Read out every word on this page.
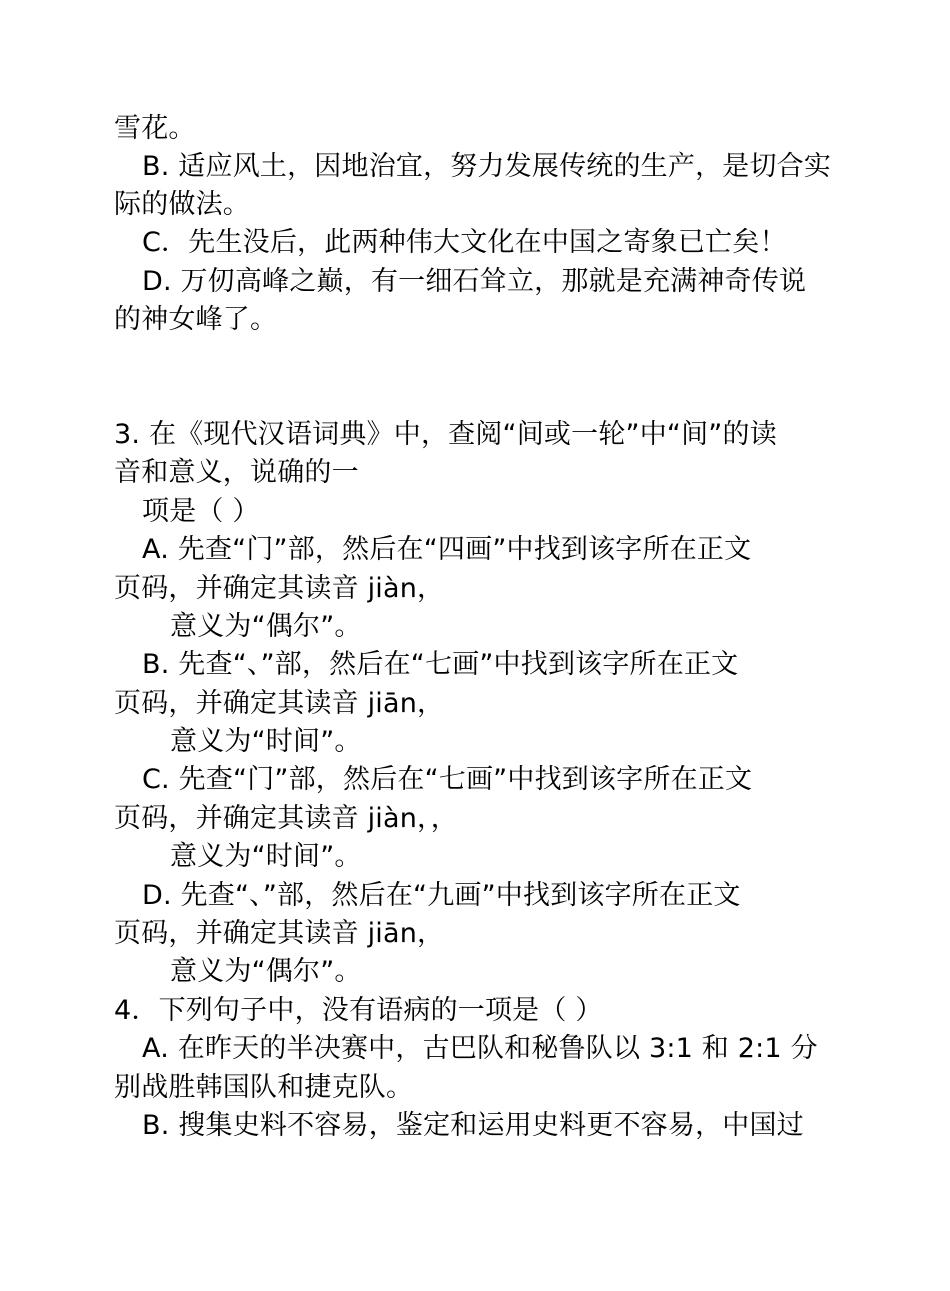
雪花。
B. 适应风土，因地治宜，努力发展传统的生产，是切合实
际的做法。
C．先生没后，此两种伟大文化在中国之寄象已亡矣！
D. 万仞高峰之巅，有一细石耸立，那就是充满神奇传说
的神女峰了。
3. 在《现代汉语词典》中，查阅“间或一轮”中“间”的读
音和意义，说确的一
项是（ ）
A. 先查“门”部，然后在“四画”中找到该字所在正文
页码，并确定其读音 jiàn，
意义为“偶尔”。
B. 先查“、”部，然后在“七画”中找到该字所在正文
页码，并确定其读音 jiān，
意义为“时间”。
C. 先查“门”部，然后在“七画”中找到该字所在正文
页码，并确定其读音 jiàn，，
意义为“时间”。
D. 先查“、”部，然后在“九画”中找到该字所在正文
页码，并确定其读音 jiān，
意义为“偶尔”。
4．下列句子中，没有语病的一项是（ ）
A. 在昨天的半决赛中，古巴队和秘鲁队以 3:1 和 2:1 分
别战胜韩国队和捷克队。
B. 搜集史料不容易，鉴定和运用史料更不容易，中国过
